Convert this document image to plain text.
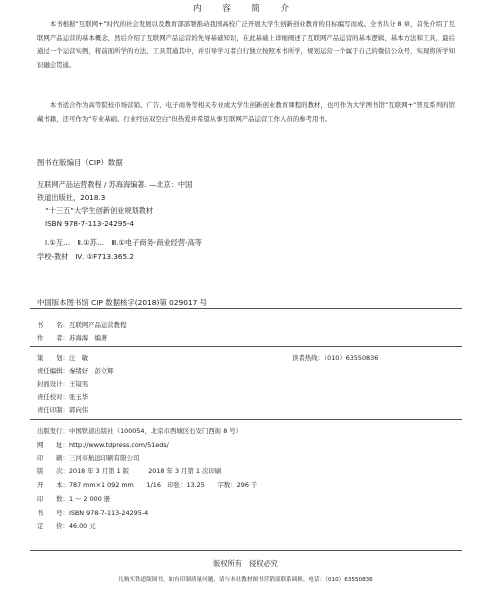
内 容 简 介

本书根据“互联网+”时代的社会发展以及教育部部署推动我国高校广泛开展大学生创新创业教育的目标编写而成。全书共分 8 章，首先介绍了互联网产品运营的基本概念，然后介绍了互联网产品运营的先导基础知识，在此基础上详细阐述了互联网产品运营的基本逻辑、基本方法和工具，最后通过一个运营实例，将前面所学的方法、工具贯通其中，并引导学习者自行独立按照本书所学，规划运营一个属于自己的微信公众号，实现将所学知识融会贯通。

本书适合作为高等院校市场营销、广告、电子商务等相关专业或大学生创新创业教育课程的教材，也可作为大学图书馆“互联网+”普及系列的馆藏书籍，还可作为“专业基础、行业经历双空白”但热爱并希望从事互联网产品运营工作人员的参考用书。

图书在版编目（CIP）数据
互联网产品运营教程 / 苏海海编著. —北京：中国
铁道出版社，2018.3
“十三五”大学生创新创业规划教材
ISBN 978-7-113-24295-4
Ⅰ.①互…　Ⅱ.①苏…　Ⅲ.①电子商务-商业经营-高等
学校-教材　Ⅳ. ①F713.365.2
中国版本图书馆 CIP 数据核字(2018)第 029017 号
书　　名：互联网产品运营教程
作　　者：苏海海　编著
策　　划：汪　敏	读者热线：（010）63550836
责任编辑：秦绪好　彭立辉
封面设计：王镜夷
责任校对：张玉华
责任印制：郭向伟
出版发行：中国铁道出版社（100054，北京市西城区右安门西街 8 号）
网　　址：http://www.tdpress.com/51eds/
印　　刷：三河市航远印刷有限公司
版　　次：2018 年 3 月第 1 版　　　2018 年 3 月第 1 次印刷
开　　本：787 mm×1 092 mm　　1/16　印张：13.25　　字数：296 千
印　　数：1 ～ 2 000 册
书　　号：ISBN 978-7-113-24295-4
定　　价：46.00 元
版权所有　侵权必究
凡购买铁道版图书，如有印制质量问题，请与本社教材图书营销部联系调换。电话：（010）63550836
